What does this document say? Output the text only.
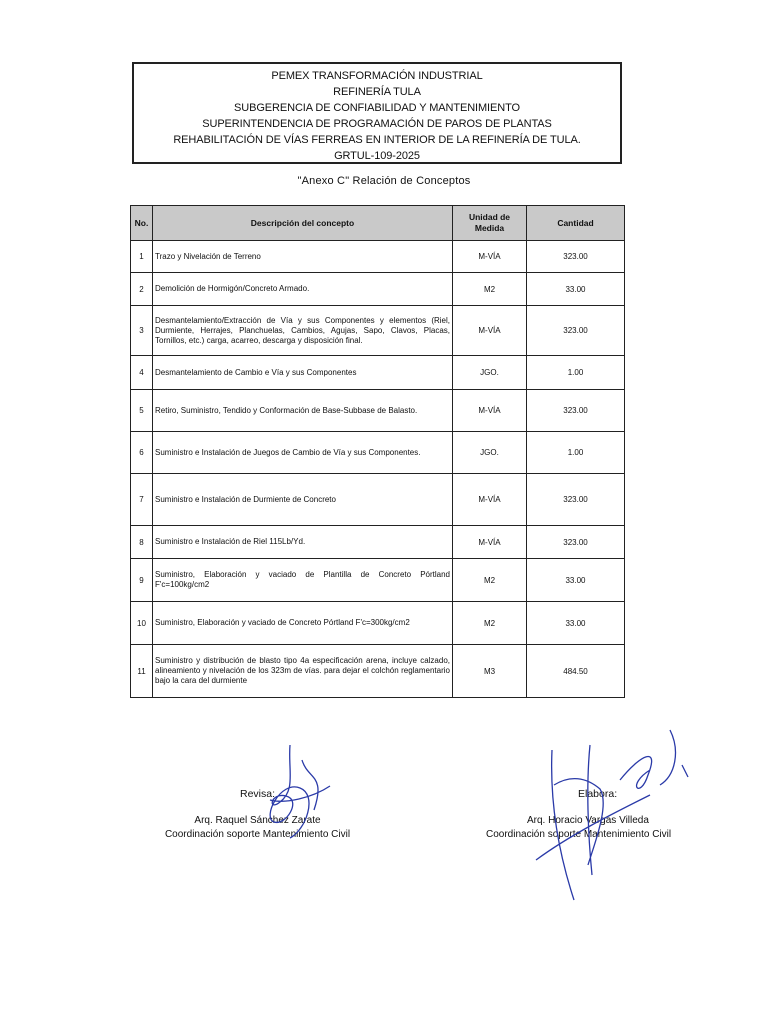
PEMEX TRANSFORMACIÓN INDUSTRIAL
REFINERÍA TULA
SUBGERENCIA DE CONFIABILIDAD Y MANTENIMIENTO
SUPERINTENDENCIA DE PROGRAMACIÓN DE PAROS DE PLANTAS
REHABILITACIÓN DE VÍAS FERREAS EN INTERIOR DE LA REFINERÍA DE TULA.
GRTUL-109-2025
"Anexo C" Relación de Conceptos
No.	Descripción del concepto	Unidad de Medida	Cantidad
1	Trazo y Nivelación de Terreno	M-VÍA	323.00
2	Demolición de Hormigón/Concreto Armado.	M2	33.00
3	Desmantelamiento/Extracción de Vía y sus Componentes y elementos (Riel, Durmiente, Herrajes, Planchuelas, Cambios, Agujas, Sapo, Clavos, Placas, Tornillos, etc.) carga, acarreo, descarga y disposición final.	M-VÍA	323.00
4	Desmantelamiento de Cambio e Vía y sus Componentes	JGO.	1.00
5	Retiro, Suministro, Tendido y Conformación de Base-Subbase de Balasto.	M-VÍA	323.00
6	Suministro e Instalación de Juegos de Cambio de Vía y sus Componentes.	JGO.	1.00
7	Suministro e Instalación de Durmiente de Concreto	M-VÍA	323.00
8	Suministro e Instalación de Riel 115Lb/Yd.	M-VÍA	323.00
9	Suministro, Elaboración y vaciado de Plantilla de Concreto Pórtland F'c=100kg/cm2	M2	33.00
10	Suministro, Elaboración y vaciado de Concreto Pórtland F'c=300kg/cm2	M2	33.00
11	Suministro y distribución de blasto tipo 4a especificación arena, incluye calzado, alineamiento y nivelación de los 323m de vías. para dejar el colchón reglamentario bajo la cara del durmiente	M3	484.50
Revisa:
Arq. Raquel Sánchez Zarate
Coordinación soporte Mantenimiento Civil
Elabora:
Arq. Horacio Vargas Villeda
Coordinación soporte Mantenimiento Civil
